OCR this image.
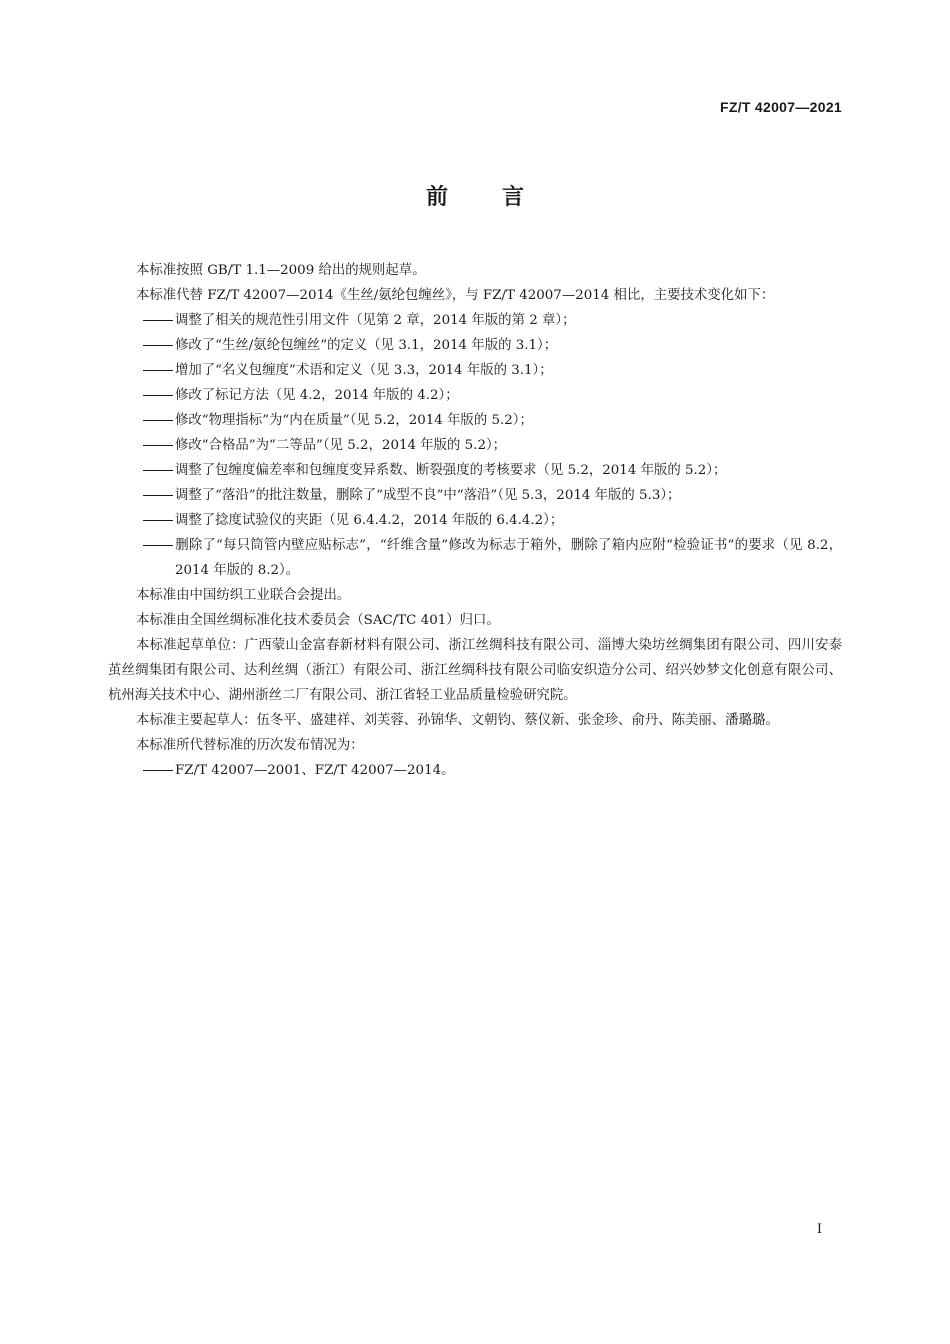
FZ/T 42007—2021
前言

本标准按照 GB/T 1.1—2009 给出的规则起草。

本标准代替 FZ/T 42007—2014《生丝/氨纶包缠丝》，与 FZ/T 42007—2014 相比，主要技术变化如下：

调整了相关的规范性引用文件（见第 2 章，2014 年版的第 2 章）；

修改了“生丝/氨纶包缠丝”的定义（见 3.1，2014 年版的 3.1）；

增加了“名义包缠度”术语和定义（见 3.3，2014 年版的 3.1）；

修改了标记方法（见 4.2，2014 年版的 4.2）；

修改“物理指标”为“内在质量”（见 5.2，2014 年版的 5.2）；

修改“合格品”为“二等品”（见 5.2，2014 年版的 5.2）；

调整了包缠度偏差率和包缠度变异系数、断裂强度的考核要求（见 5.2，2014 年版的 5.2）；

调整了“落沿”的批注数量，删除了“成型不良”中“落沿”（见 5.3，2014 年版的 5.3）；

调整了捻度试验仪的夹距（见 6.4.4.2，2014 年版的 6.4.4.2）；

删除了“每只筒管内壁应贴标志”，“纤维含量”修改为标志于箱外，删除了箱内应附“检验证书”的要求（见 8.2，2014 年版的 8.2）。

本标准由中国纺织工业联合会提出。

本标准由全国丝绸标准化技术委员会（SAC/TC 401）归口。

本标准起草单位：广西蒙山金富春新材料有限公司、浙江丝绸科技有限公司、淄博大染坊丝绸集团有限公司、四川安泰茧丝绸集团有限公司、达利丝绸（浙江）有限公司、浙江丝绸科技有限公司临安织造分公司、绍兴妙梦文化创意有限公司、杭州海关技术中心、湖州浙丝二厂有限公司、浙江省轻工业品质量检验研究院。

本标准主要起草人：伍冬平、盛建祥、刘芙蓉、孙锦华、文朝钧、蔡仪新、张金珍、俞丹、陈美丽、潘璐璐。

本标准所代替标准的历次发布情况为：

FZ/T 42007—2001、FZ/T 42007—2014。

I
